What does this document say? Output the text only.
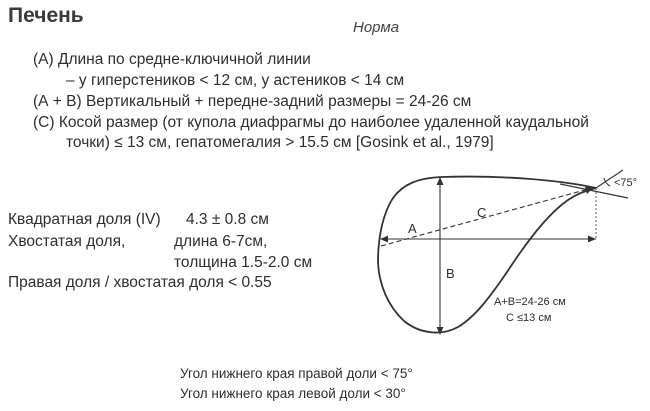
Печень
Норма
(А) Длина по средне-ключичной линии
– у гиперстеников < 12 см, у астеников < 14 см
(А + В) Вертикальный + передне-задний размеры = 24-26 см
(С) Косой размер (от купола диафрагмы до наиболее удаленной каудальной
точки) ≤ 13 см, гепатомегалия > 15.5 см [Gosink et al., 1979]
Квадратная доля (IV) 4.3 ± 0.8 см
Хвостатая доля,	длина 6-7см,
толщина 1.5-2.0 см
Правая доля / хвостатая доля < 0.55
A
B
C
<75°
A+B=24-26 см
C ≤13 см
Угол нижнего края правой доли < 75°
Угол нижнего края левой доли < 30°
